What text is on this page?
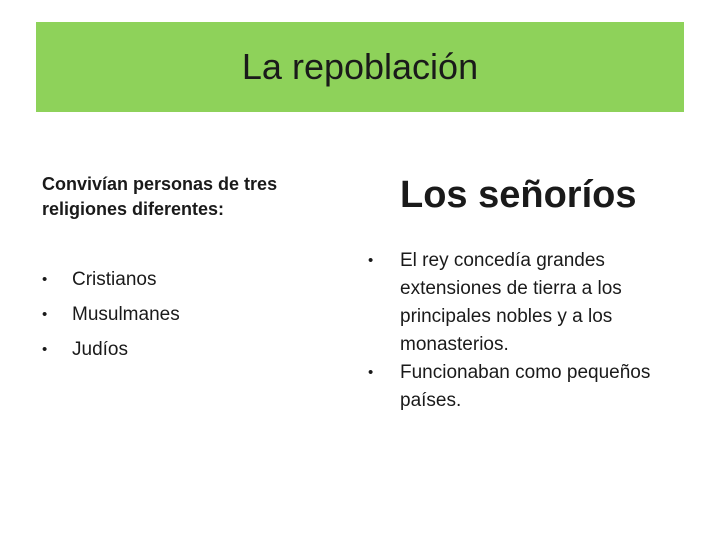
La repoblación

Convivían personas de tres religiones diferentes:

• Cristianos
• Musulmanes
• Judíos
Los señoríos
• El rey concedía grandes extensiones de tierra a los principales nobles y a los monasterios.
• Funcionaban como pequeños países.
